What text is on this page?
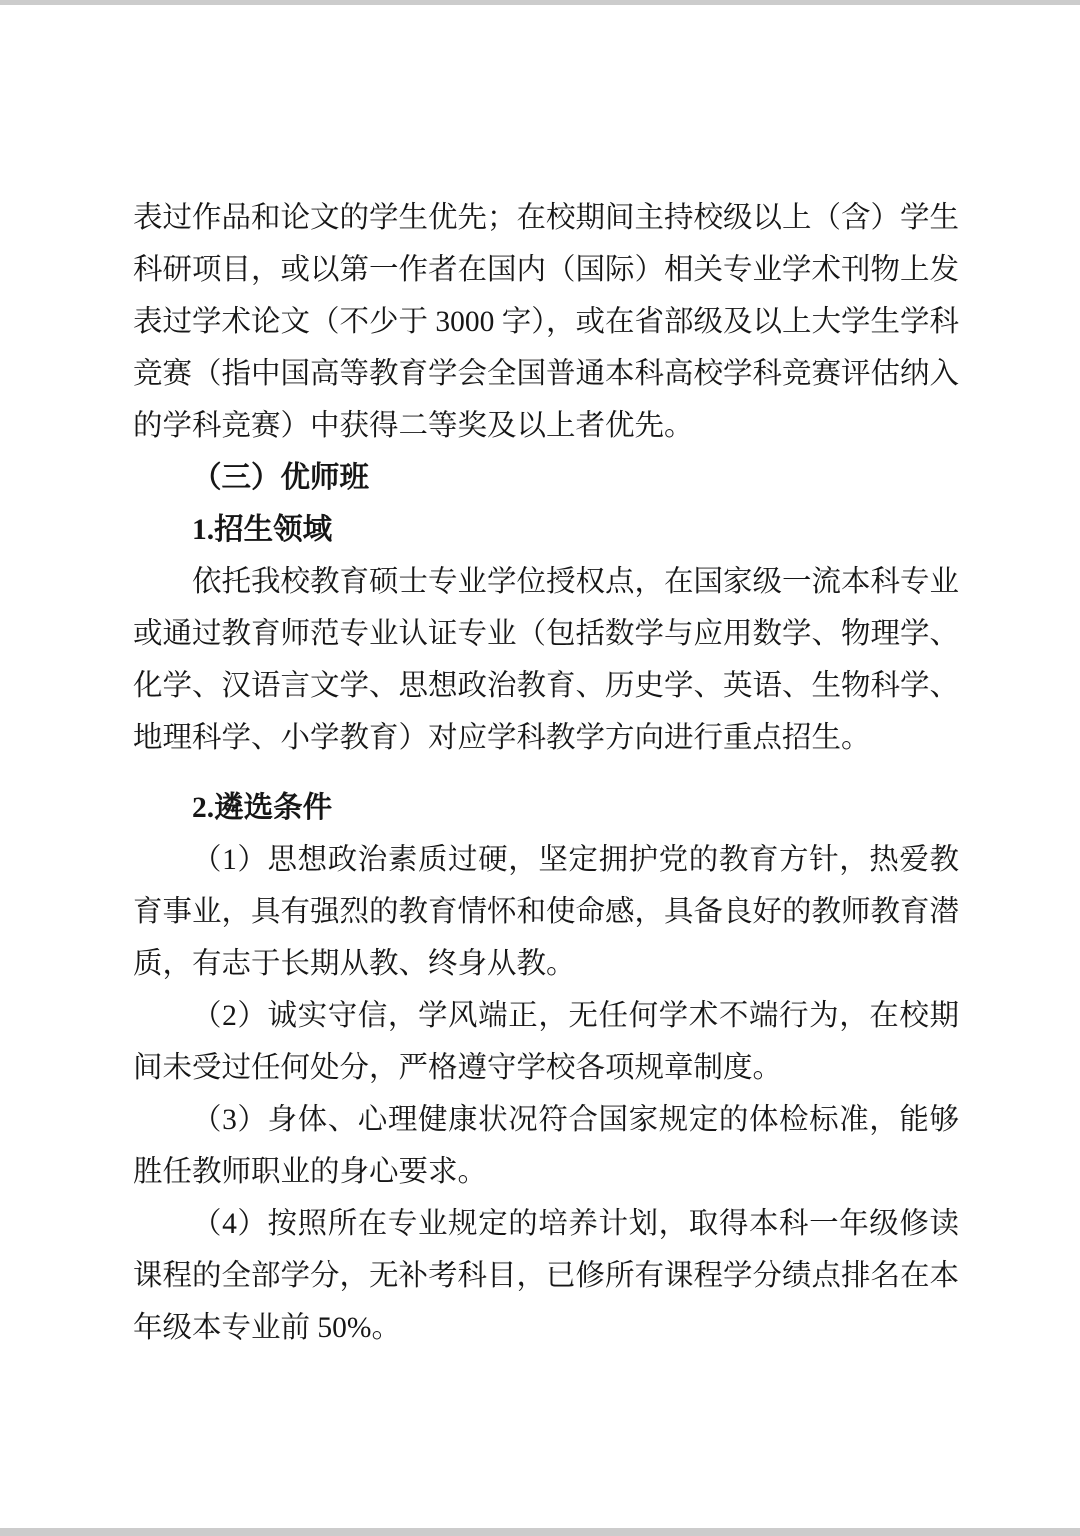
表过作品和论文的学生优先；在校期间主持校级以上（含）学生科研项目，或以第一作者在国内（国际）相关专业学术刊物上发表过学术论文（不少于 3000 字），或在省部级及以上大学生学科竞赛（指中国高等教育学会全国普通本科高校学科竞赛评估纳入的学科竞赛）中获得二等奖及以上者优先。

（三）优师班

1.招生领域

依托我校教育硕士专业学位授权点，在国家级一流本科专业或通过教育师范专业认证专业（包括数学与应用数学、物理学、化学、汉语言文学、思想政治教育、历史学、英语、生物科学、地理科学、小学教育）对应学科教学方向进行重点招生。

2.遴选条件

（1）思想政治素质过硬，坚定拥护党的教育方针，热爱教育事业，具有强烈的教育情怀和使命感，具备良好的教师教育潜质，有志于长期从教、终身从教。

（2）诚实守信，学风端正，无任何学术不端行为，在校期间未受过任何处分，严格遵守学校各项规章制度。

（3）身体、心理健康状况符合国家规定的体检标准，能够胜任教师职业的身心要求。

（4）按照所在专业规定的培养计划，取得本科一年级修读课程的全部学分，无补考科目，已修所有课程学分绩点排名在本年级本专业前 50%。
